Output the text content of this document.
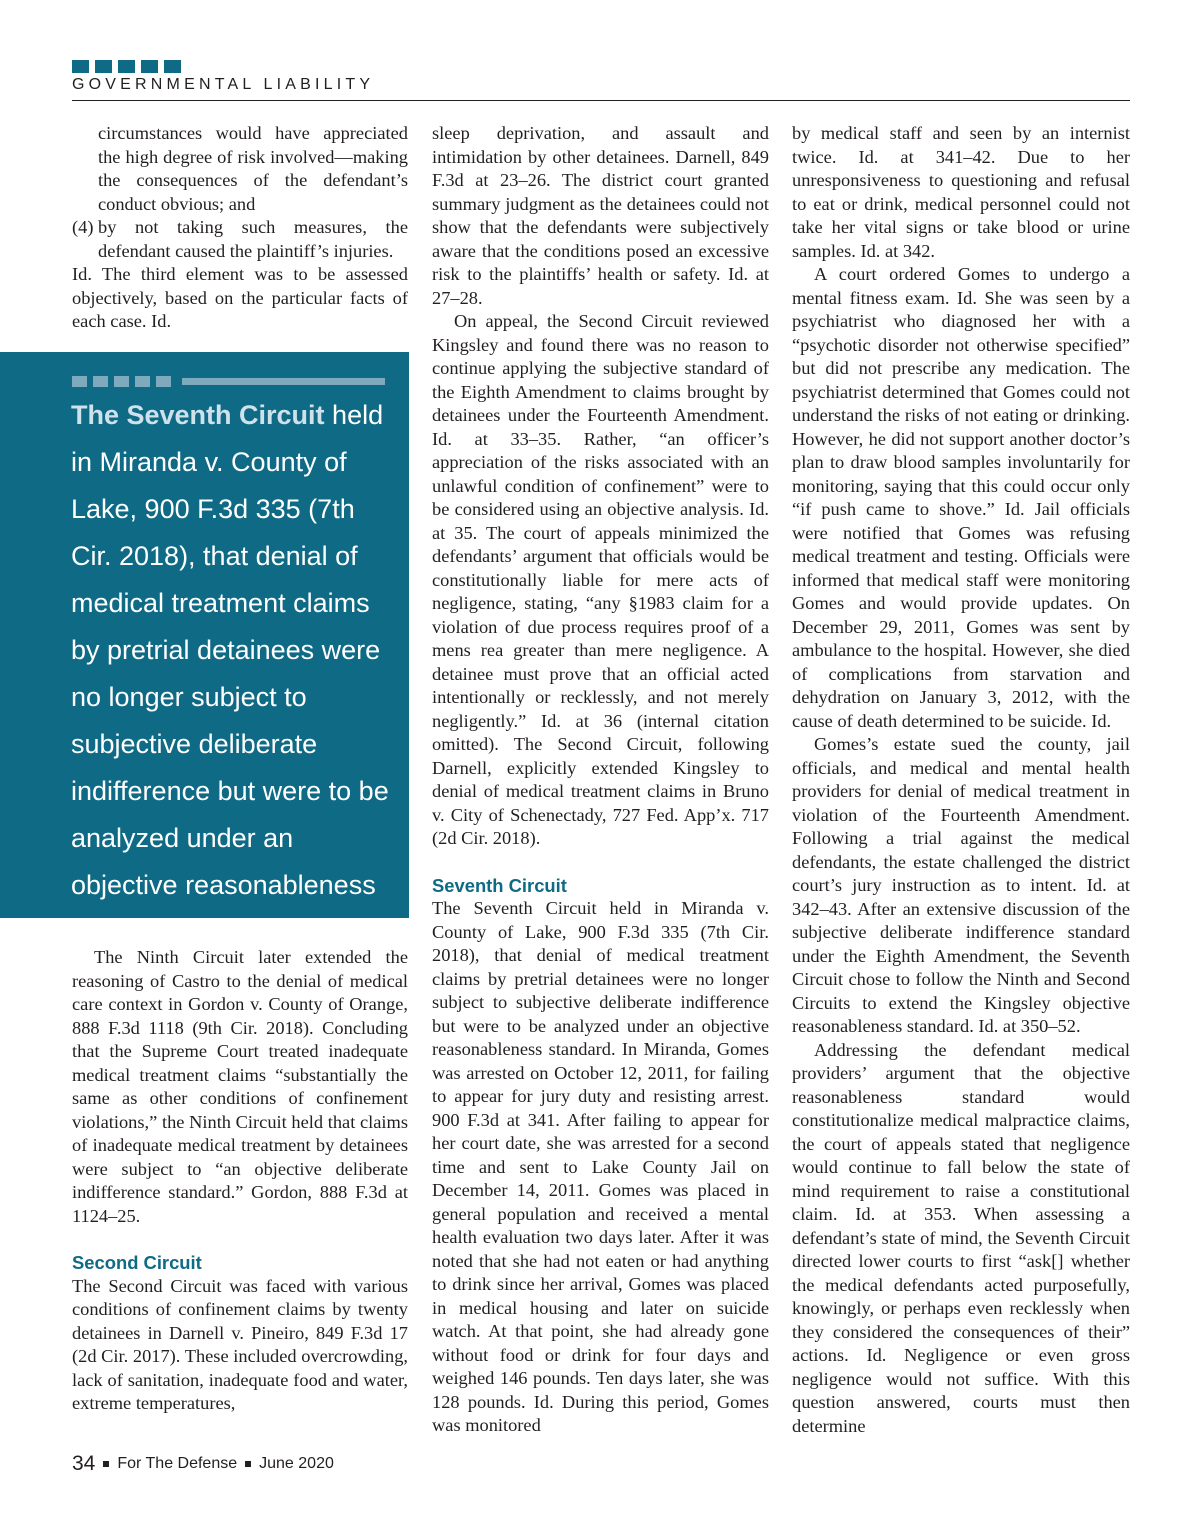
GOVERNMENTAL LIABILITY

circumstances would have appreciated the high degree of risk involved—making the consequences of the defendant’s conduct obvious; and

(4) by not taking such measures, the defendant caused the plaintiff’s injuries.

Id. The third element was to be assessed objectively, based on the particular facts of each case. Id.

The Seventh Circuit held in Miranda v. County of Lake, 900 F.3d 335 (7th Cir. 2018), that denial of medical treatment claims by pretrial detainees were no longer subject to subjective deliberate indifference but were to be analyzed under an objective reasonableness standard.

The Ninth Circuit later extended the reasoning of Castro to the denial of medical care context in Gordon v. County of Orange, 888 F.3d 1118 (9th Cir. 2018). Concluding that the Supreme Court treated inadequate medical treatment claims “substantially the same as other conditions of confinement violations,” the Ninth Circuit held that claims of inadequate medical treatment by detainees were subject to “an objective deliberate indifference standard.” Gordon, 888 F.3d at 1124–25.

Second Circuit

The Second Circuit was faced with various conditions of confinement claims by twenty detainees in Darnell v. Pineiro, 849 F.3d 17 (2d Cir. 2017). These included overcrowding, lack of sanitation, inadequate food and water, extreme temperatures,

sleep deprivation, and assault and intimidation by other detainees. Darnell, 849 F.3d at 23–26. The district court granted summary judgment as the detainees could not show that the defendants were subjectively aware that the conditions posed an excessive risk to the plaintiffs’ health or safety. Id. at 27–28.

On appeal, the Second Circuit reviewed Kingsley and found there was no reason to continue applying the subjective standard of the Eighth Amendment to claims brought by detainees under the Fourteenth Amendment. Id. at 33–35. Rather, “an officer’s appreciation of the risks associated with an unlawful condition of confinement” were to be considered using an objective analysis. Id. at 35. The court of appeals minimized the defendants’ argument that officials would be constitutionally liable for mere acts of negligence, stating, “any §1983 claim for a violation of due process requires proof of a mens rea greater than mere negligence. A detainee must prove that an official acted intentionally or recklessly, and not merely negligently.” Id. at 36 (internal citation omitted). The Second Circuit, following Darnell, explicitly extended Kingsley to denial of medical treatment claims in Bruno v. City of Schenectady, 727 Fed. App’x. 717 (2d Cir. 2018).

Seventh Circuit

The Seventh Circuit held in Miranda v. County of Lake, 900 F.3d 335 (7th Cir. 2018), that denial of medical treatment claims by pretrial detainees were no longer subject to subjective deliberate indifference but were to be analyzed under an objective reasonableness standard. In Miranda, Gomes was arrested on October 12, 2011, for failing to appear for jury duty and resisting arrest. 900 F.3d at 341. After failing to appear for her court date, she was arrested for a second time and sent to Lake County Jail on December 14, 2011. Gomes was placed in general population and received a mental health evaluation two days later. After it was noted that she had not eaten or had anything to drink since her arrival, Gomes was placed in medical housing and later on suicide watch. At that point, she had already gone without food or drink for four days and weighed 146 pounds. Ten days later, she was 128 pounds. Id. During this period, Gomes was monitored

by medical staff and seen by an internist twice. Id. at 341–42. Due to her unresponsiveness to questioning and refusal to eat or drink, medical personnel could not take her vital signs or take blood or urine samples. Id. at 342.

A court ordered Gomes to undergo a mental fitness exam. Id. She was seen by a psychiatrist who diagnosed her with a “psychotic disorder not otherwise specified” but did not prescribe any medication. The psychiatrist determined that Gomes could not understand the risks of not eating or drinking. However, he did not support another doctor’s plan to draw blood samples involuntarily for monitoring, saying that this could occur only “if push came to shove.” Id. Jail officials were notified that Gomes was refusing medical treatment and testing. Officials were informed that medical staff were monitoring Gomes and would provide updates. On December 29, 2011, Gomes was sent by ambulance to the hospital. However, she died of complications from starvation and dehydration on January 3, 2012, with the cause of death determined to be suicide. Id.

Gomes’s estate sued the county, jail officials, and medical and mental health providers for denial of medical treatment in violation of the Fourteenth Amendment. Following a trial against the medical defendants, the estate challenged the district court’s jury instruction as to intent. Id. at 342–43. After an extensive discussion of the subjective deliberate indifference standard under the Eighth Amendment, the Seventh Circuit chose to follow the Ninth and Second Circuits to extend the Kingsley objective reasonableness standard. Id. at 350–52.

Addressing the defendant medical providers’ argument that the objective reasonableness standard would constitutionalize medical malpractice claims, the court of appeals stated that negligence would continue to fall below the state of mind requirement to raise a constitutional claim. Id. at 353. When assessing a defendant’s state of mind, the Seventh Circuit directed lower courts to first “ask[] whether the medical defendants acted purposefully, knowingly, or perhaps even recklessly when they considered the consequences of their” actions. Id. Negligence or even gross negligence would not suffice. With this question answered, courts must then determine

34 For The Defense June 2020
